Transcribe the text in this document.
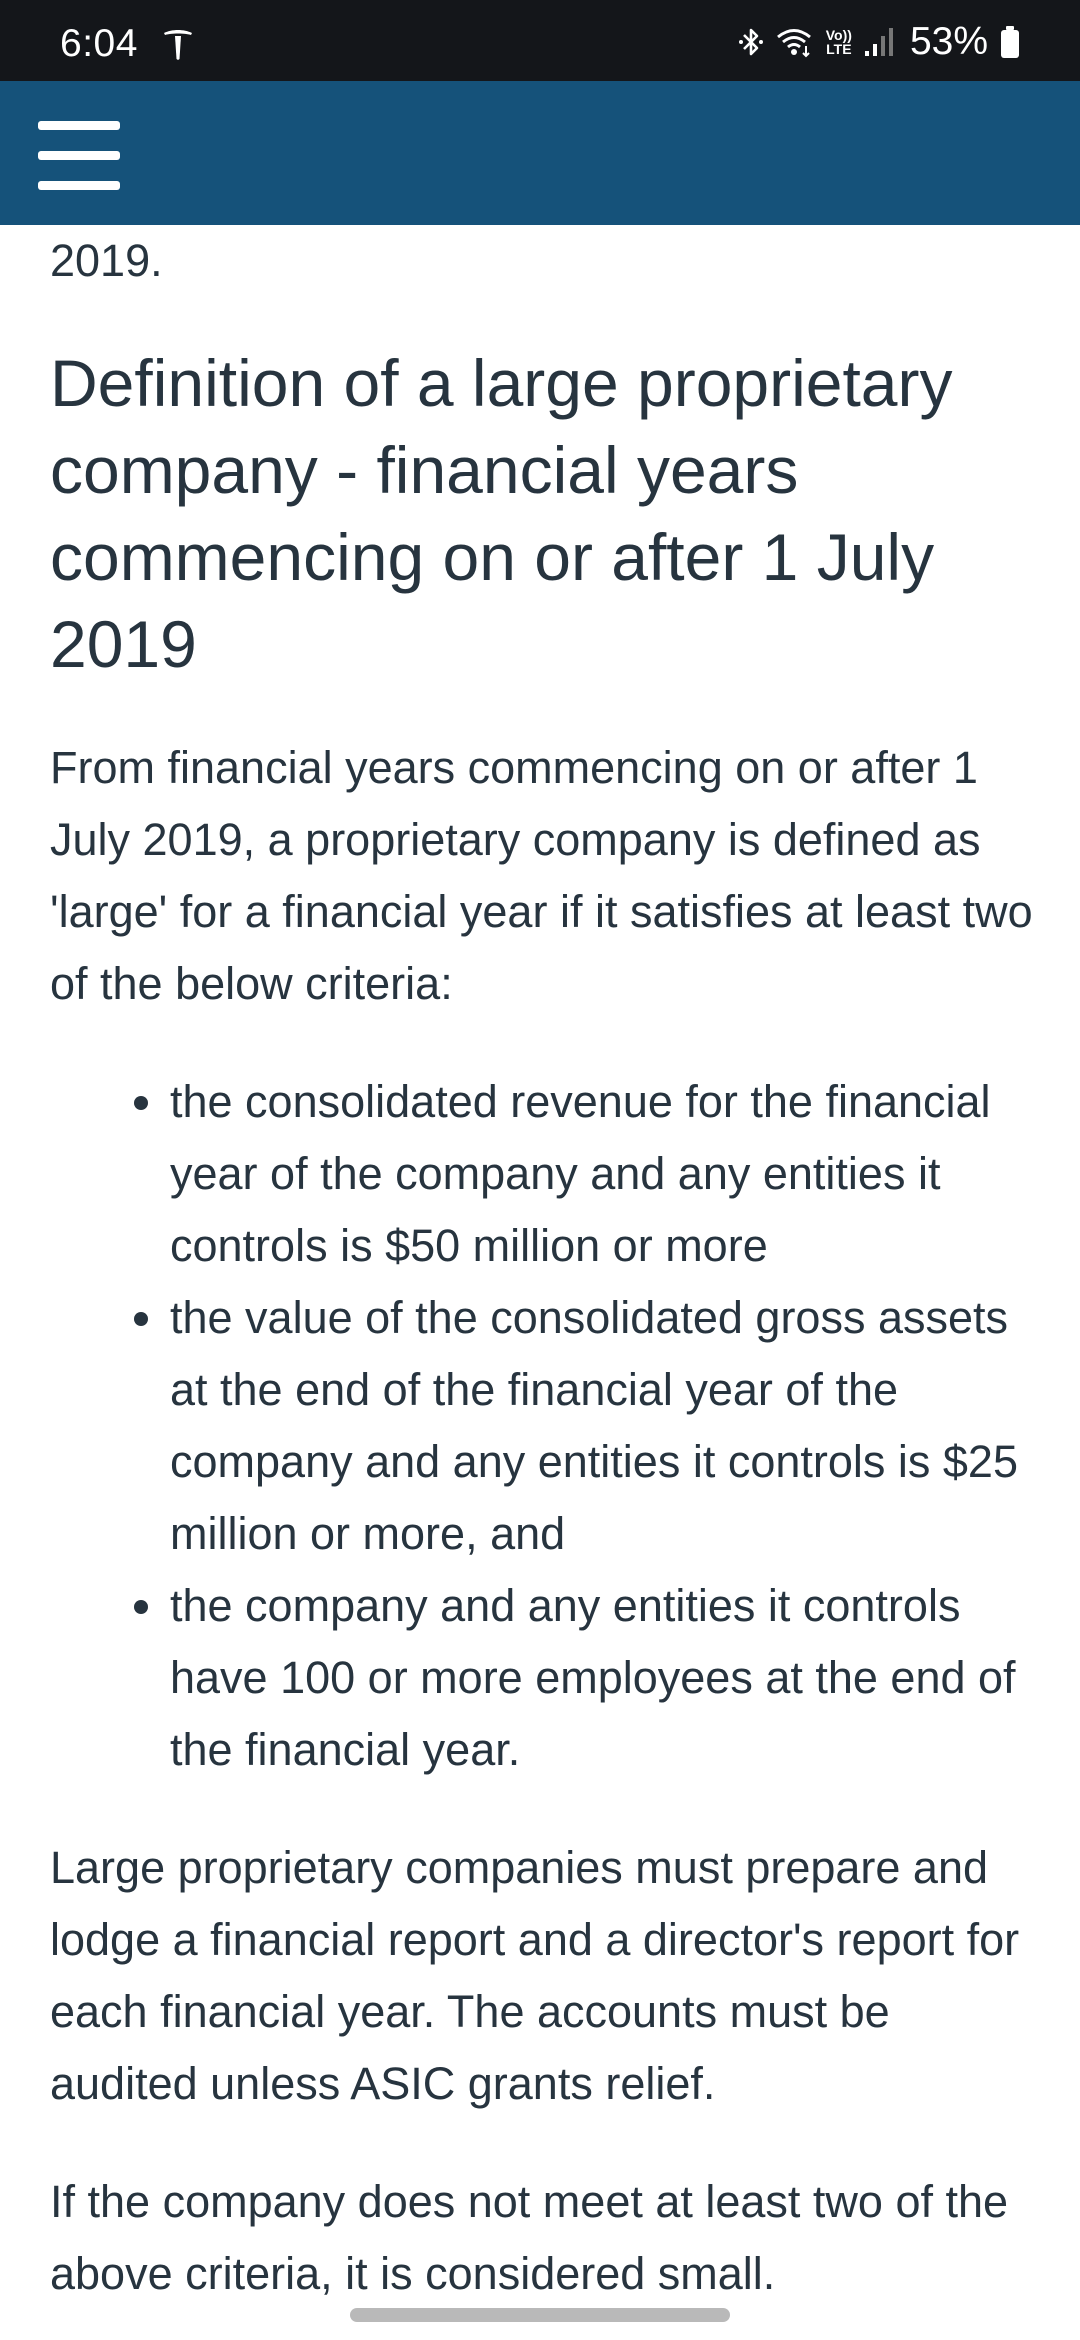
6:04	Vo))
LTE 53%

2019.

Definition of a large proprietary company - financial years commencing on or after 1 July 2019

From financial years commencing on or after 1 July 2019, a proprietary company is defined as 'large' for a financial year if it satisfies at least two of the below criteria:

the consolidated revenue for the financial year of the company and any entities it controls is $50 million or more
the value of the consolidated gross assets at the end of the financial year of the company and any entities it controls is $25 million or more, and
the company and any entities it controls have 100 or more employees at the end of the financial year.

Large proprietary companies must prepare and lodge a financial report and a director's report for each financial year. The accounts must be audited unless ASIC grants relief.

If the company does not meet at least two of the above criteria, it is considered small.
